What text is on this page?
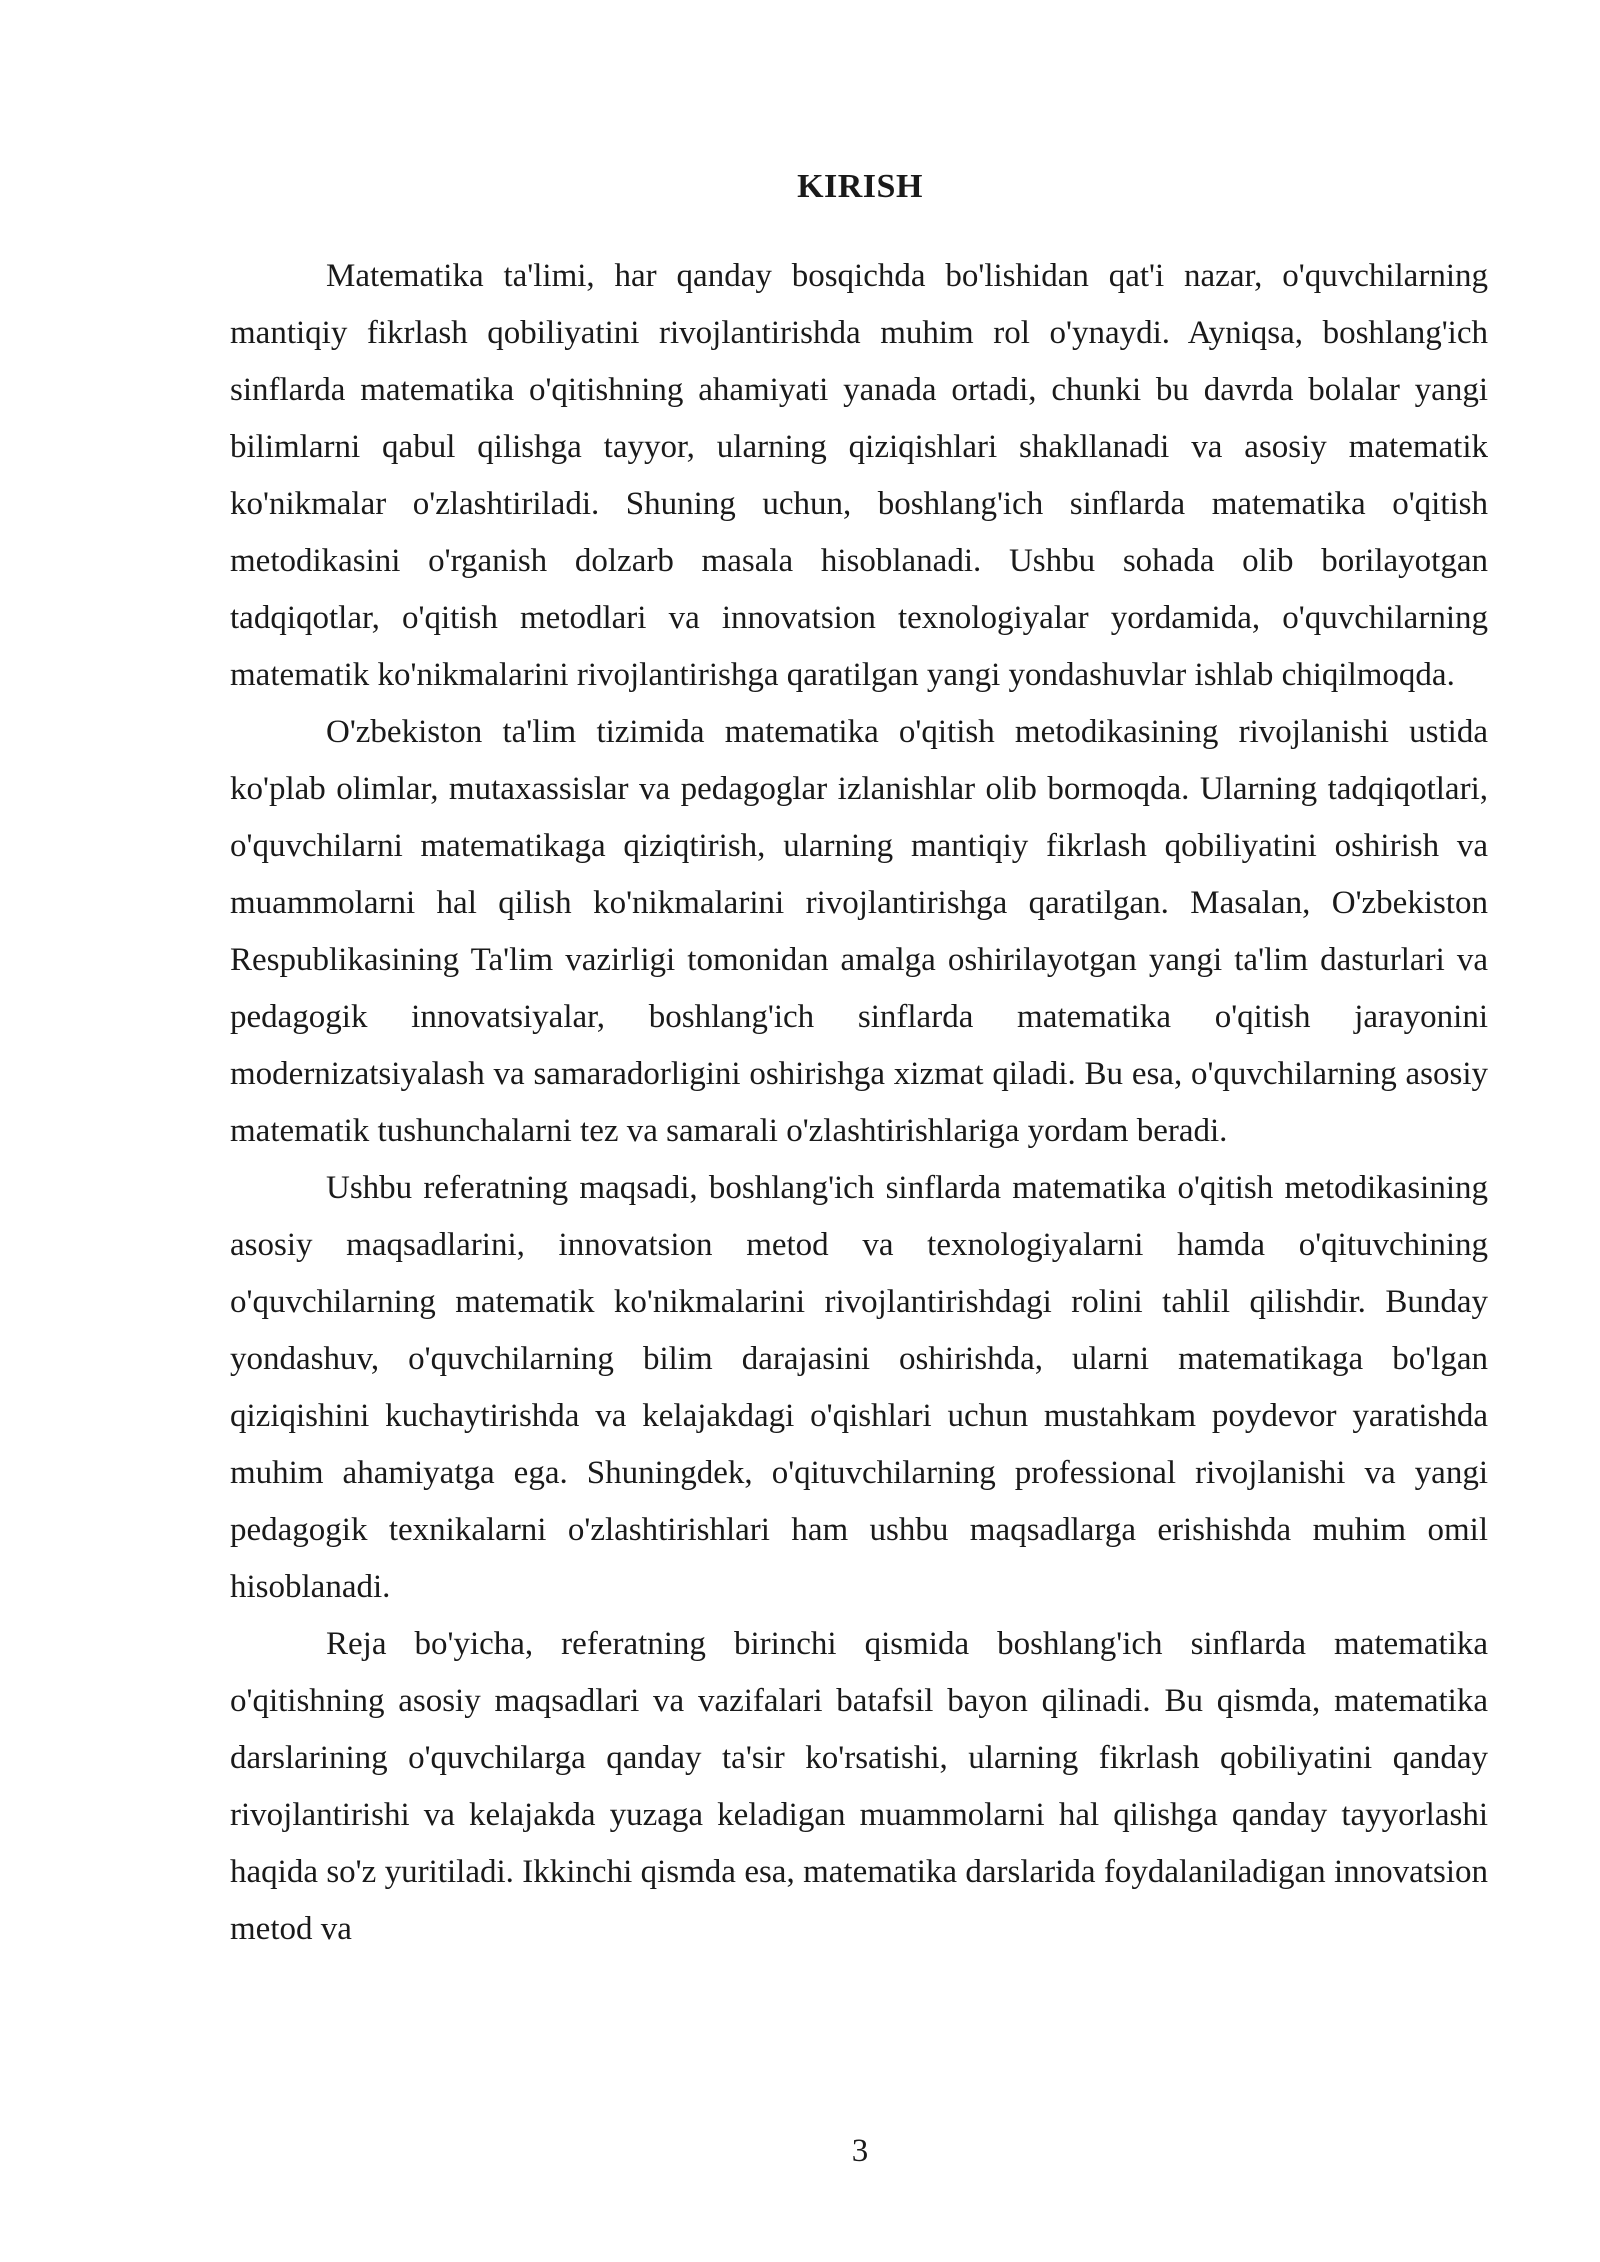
KIRISH

Matematika ta'limi, har qanday bosqichda bo'lishidan qat'i nazar, o'quvchilarning mantiqiy fikrlash qobiliyatini rivojlantirishda muhim rol o'ynaydi. Ayniqsa, boshlang'ich sinflarda matematika o'qitishning ahamiyati yanada ortadi, chunki bu davrda bolalar yangi bilimlarni qabul qilishga tayyor, ularning qiziqishlari shakllanadi va asosiy matematik ko'nikmalar o'zlashtiriladi. Shuning uchun, boshlang'ich sinflarda matematika o'qitish metodikasini o'rganish dolzarb masala hisoblanadi. Ushbu sohada olib borilayotgan tadqiqotlar, o'qitish metodlari va innovatsion texnologiyalar yordamida, o'quvchilarning matematik ko'nikmalarini rivojlantirishga qaratilgan yangi yondashuvlar ishlab chiqilmoqda.

O'zbekiston ta'lim tizimida matematika o'qitish metodikasining rivojlanishi ustida ko'plab olimlar, mutaxassislar va pedagoglar izlanishlar olib bormoqda. Ularning tadqiqotlari, o'quvchilarni matematikaga qiziqtirish, ularning mantiqiy fikrlash qobiliyatini oshirish va muammolarni hal qilish ko'nikmalarini rivojlantirishga qaratilgan. Masalan, O'zbekiston Respublikasining Ta'lim vazirligi tomonidan amalga oshirilayotgan yangi ta'lim dasturlari va pedagogik innovatsiyalar, boshlang'ich sinflarda matematika o'qitish jarayonini modernizatsiyalash va samaradorligini oshirishga xizmat qiladi. Bu esa, o'quvchilarning asosiy matematik tushunchalarni tez va samarali o'zlashtirishlariga yordam beradi.

Ushbu referatning maqsadi, boshlang'ich sinflarda matematika o'qitish metodikasining asosiy maqsadlarini, innovatsion metod va texnologiyalarni hamda o'qituvchining o'quvchilarning matematik ko'nikmalarini rivojlantirishdagi rolini tahlil qilishdir. Bunday yondashuv, o'quvchilarning bilim darajasini oshirishda, ularni matematikaga bo'lgan qiziqishini kuchaytirishda va kelajakdagi o'qishlari uchun mustahkam poydevor yaratishda muhim ahamiyatga ega. Shuningdek, o'qituvchilarning professional rivojlanishi va yangi pedagogik texnikalarni o'zlashtirishlari ham ushbu maqsadlarga erishishda muhim omil hisoblanadi.

Reja bo'yicha, referatning birinchi qismida boshlang'ich sinflarda matematika o'qitishning asosiy maqsadlari va vazifalari batafsil bayon qilinadi. Bu qismda, matematika darslarining o'quvchilarga qanday ta'sir ko'rsatishi, ularning fikrlash qobiliyatini qanday rivojlantirishi va kelajakda yuzaga keladigan muammolarni hal qilishga qanday tayyorlashi haqida so'z yuritiladi. Ikkinchi qismda esa, matematika darslarida foydalaniladigan innovatsion metod va

3
